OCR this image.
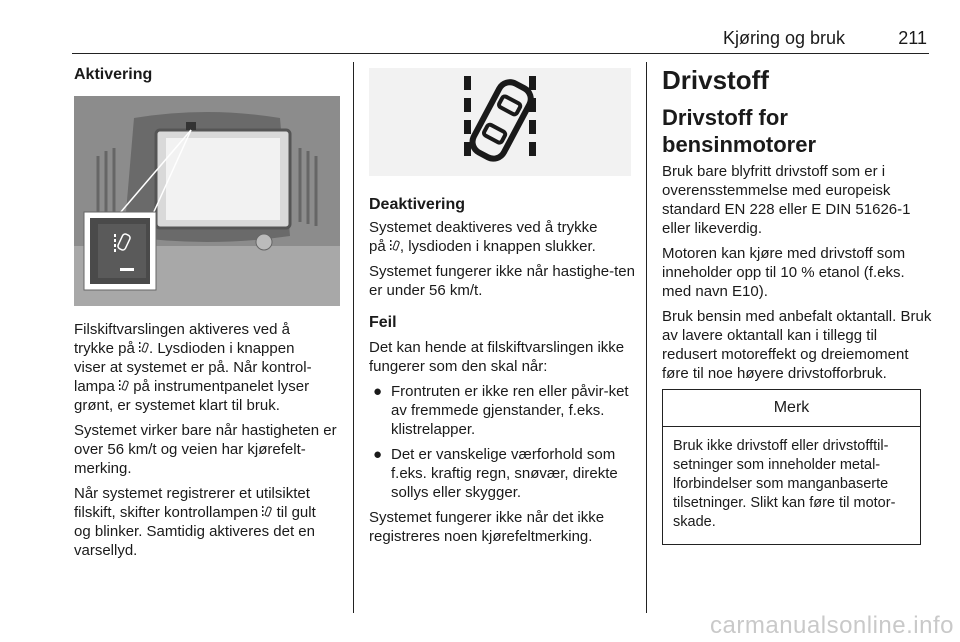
Kjøring og bruk	211
Aktivering

Filskiftvarslingen aktiveres ved å
trykke på . Lysdioden i knappen
viser at systemet er på. Når kontrol-
lampa på instrumentpanelet lyser
grønt, er systemet klart til bruk.

Systemet virker bare når hastigheten er over 56 km/t og veien har kjørefelt-merking.

Når systemet registrerer et utilsiktet
filskift, skifter kontrollampen til gult
og blinker. Samtidig aktiveres det en
varsellyd.

Deaktivering

Systemet deaktiveres ved å trykke
på , lysdioden i knappen slukker.

Systemet fungerer ikke når hastighe-ten er under 56 km/t.

Feil

Det kan hende at filskiftvarslingen ikke fungerer som den skal når:

● Frontruten er ikke ren eller påvir-ket av fremmede gjenstander, f.eks. klistrelapper.
● Det er vanskelige værforhold som f.eks. kraftig regn, snøvær, direkte sollys eller skygger.

Systemet fungerer ikke når det ikke registreres noen kjørefeltmerking.

Drivstoff
Drivstoff for bensinmotorer

Bruk bare blyfritt drivstoff som er i overensstemmelse med europeisk standard EN 228 eller E DIN 51626-1 eller likeverdig.

Motoren kan kjøre med drivstoff som inneholder opp til 10 % etanol (f.eks. med navn E10).

Bruk bensin med anbefalt oktantall. Bruk av lavere oktantall kan i tillegg til redusert motoreffekt og dreiemoment føre til noe høyere drivstofforbruk.

Merk
Bruk ikke drivstoff eller drivstofftil-setninger som inneholder metal-lforbindelser som manganbaserte tilsetninger. Slikt kan føre til motor-skade.
carmanualsonline.info
